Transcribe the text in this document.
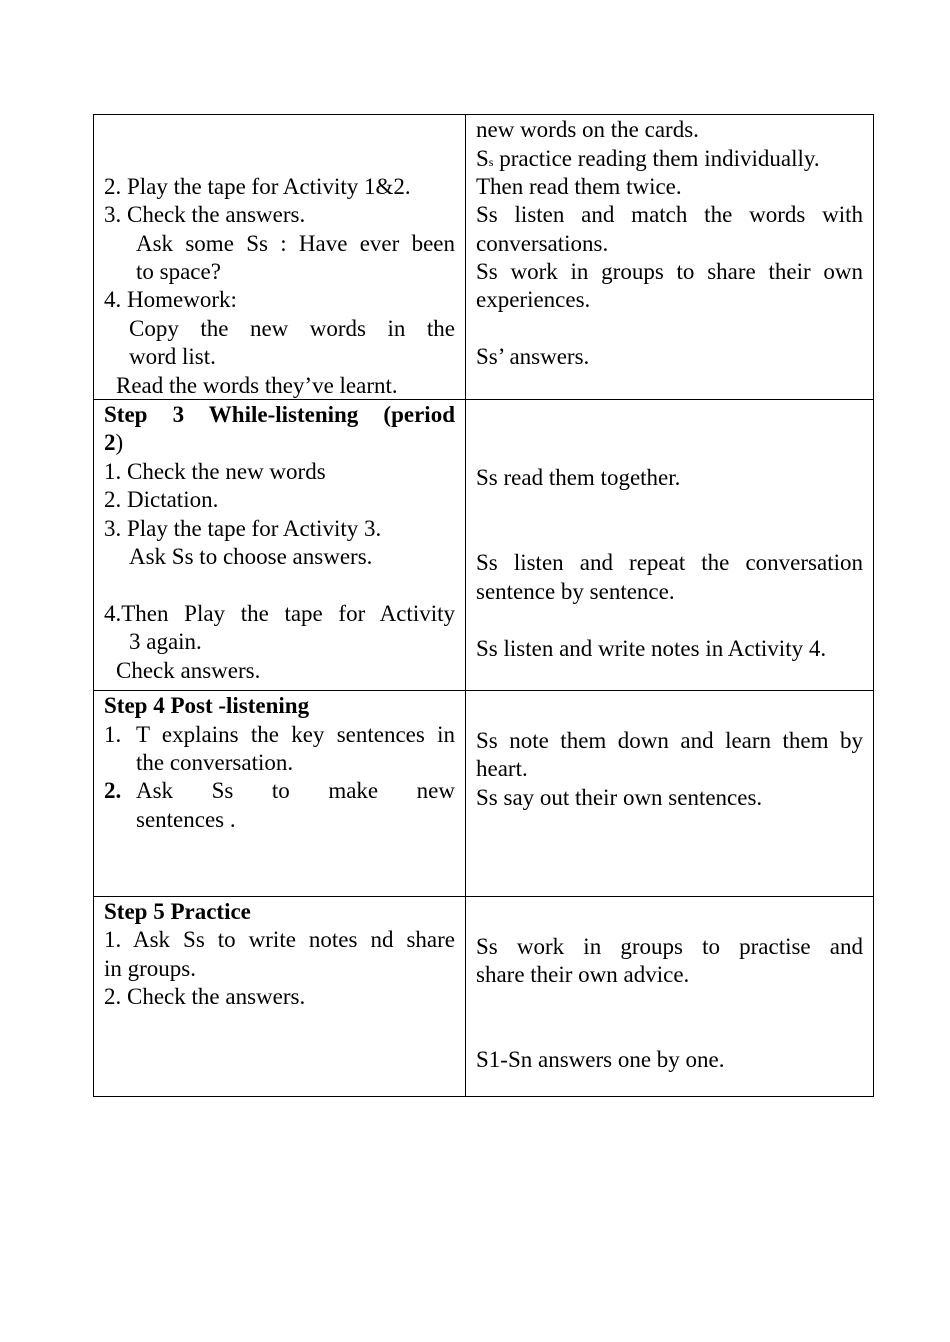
2. Play the tape for Activity 1&2.
3. Check the answers.
Ask some Ss : Have ever been
to space?
4. Homework:
Copy the new words in the
word list.
Read the words they’ve learnt.
new words on the cards.
Ss practice reading them individually.
Then read them twice.
Ss listen and match the words with
conversations.
Ss work in groups to share their own
experiences.
Ss’ answers.
Step 3 While-listening (period
2)
1. Check the new words
2. Dictation.
3. Play the tape for Activity 3.
Ask Ss to choose answers.
4.Then Play the tape for Activity
3 again.
Check answers.
Ss read them together.
Ss listen and repeat the conversation
sentence by sentence.
Ss listen and write notes in Activity 4.
Step 4 Post -listening
1. T explains the key sentences in
the conversation.
2. Ask Ss to make new
sentences .
Ss note them down and learn them by
heart.
Ss say out their own sentences.
Step 5 Practice
1. Ask Ss to write notes nd share
in groups.
2. Check the answers.
Ss work in groups to practise and
share their own advice.
S1-Sn answers one by one.
